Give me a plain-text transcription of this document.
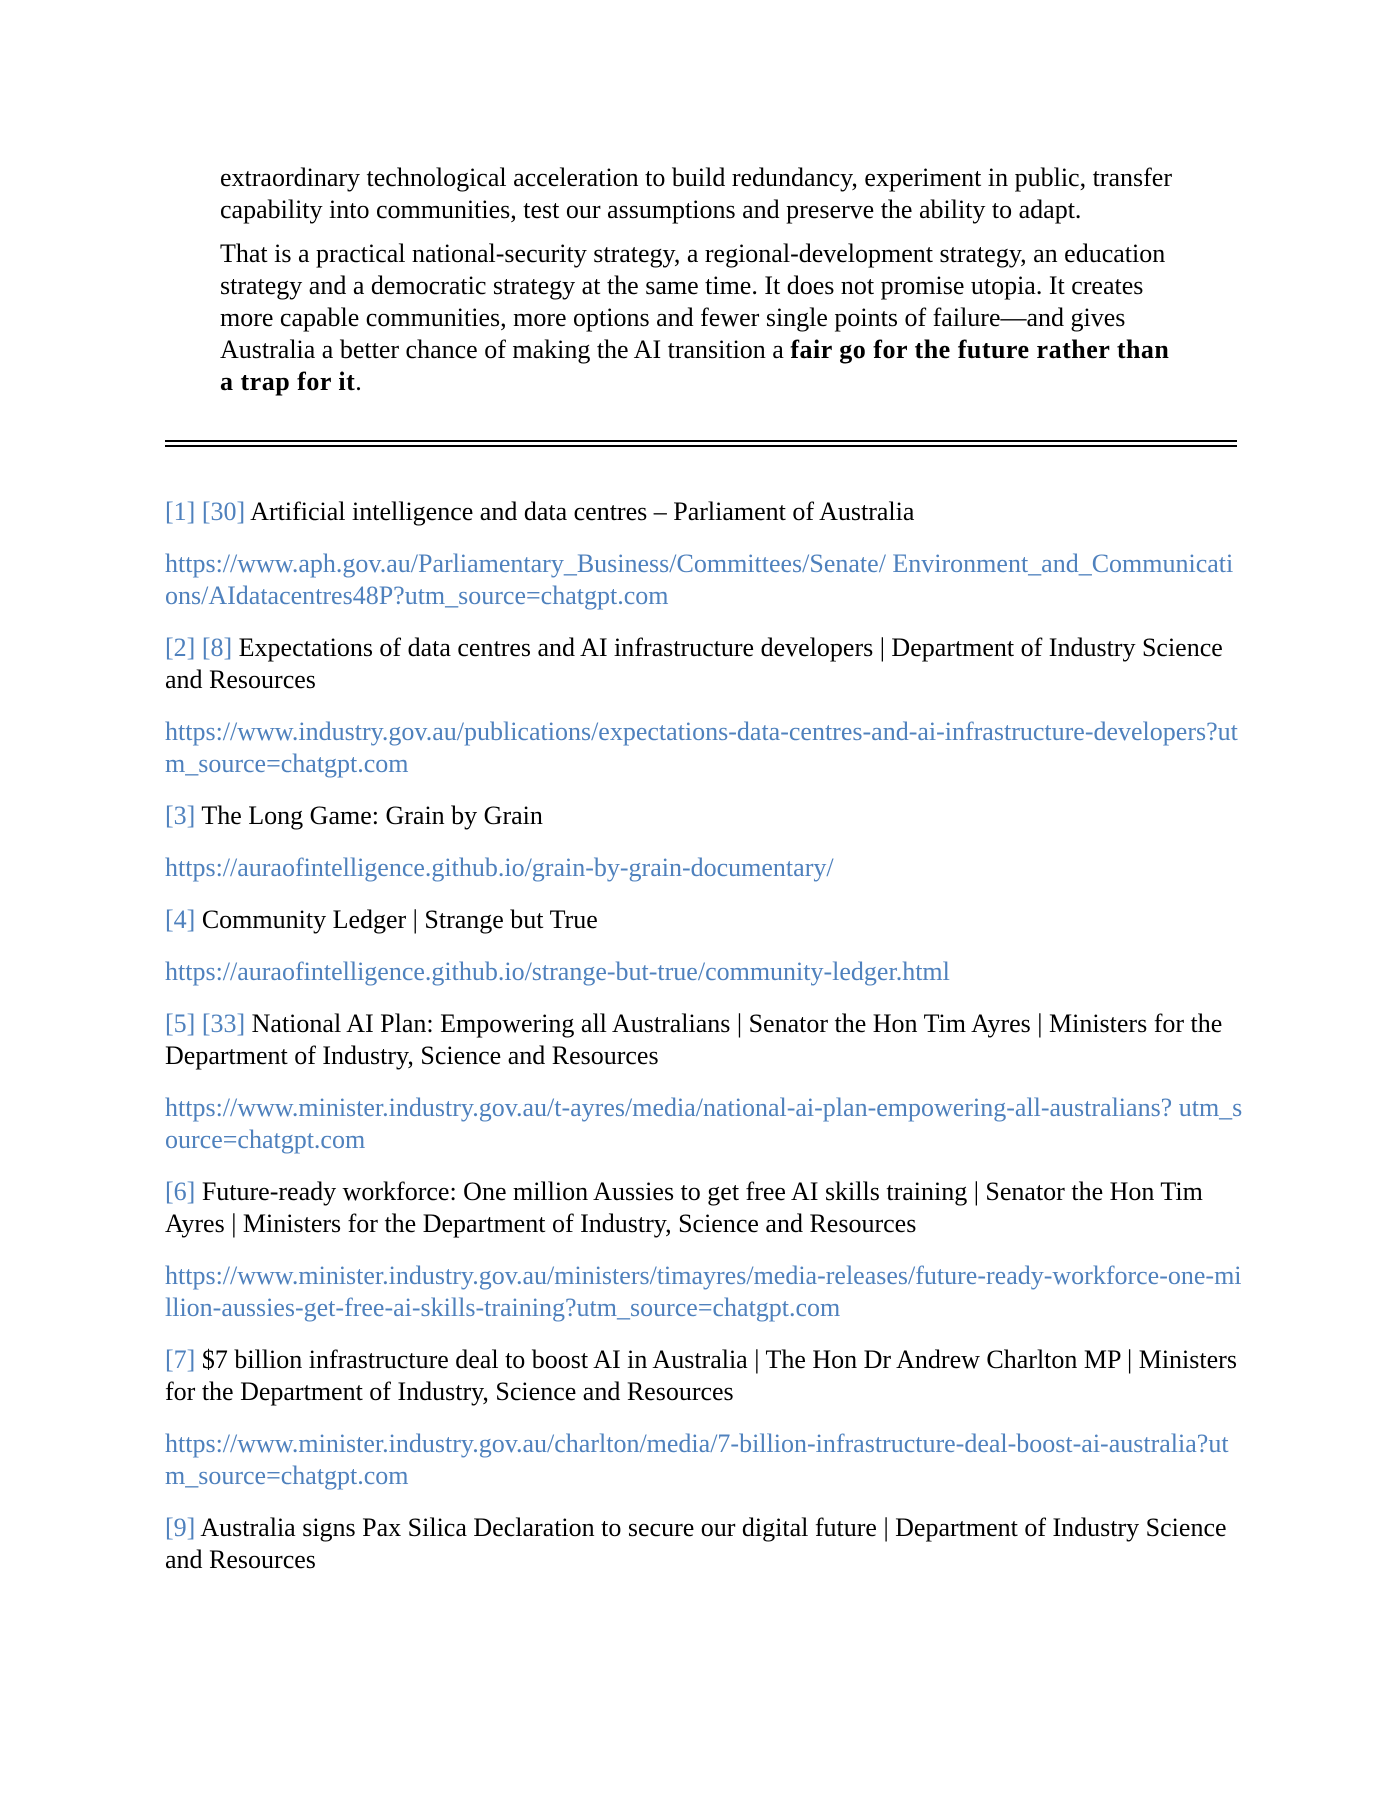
extraordinary technological acceleration to build redundancy, experiment in public, transfer capability into communities, test our assumptions and preserve the ability to adapt.

That is a practical national-security strategy, a regional-development strategy, an education strategy and a democratic strategy at the same time. It does not promise utopia. It creates more capable communities, more options and fewer single points of failure—and gives Australia a better chance of making the AI transition a fair go for the future rather than a trap for it.

[1] [30] Artificial intelligence and data centres – Parliament of Australia

https://www.aph.gov.au/Parliamentary_Business/Committees/Senate/ Environment_and_Communications/AIdatacentres48P?utm_source=chatgpt.com

[2] [8] Expectations of data centres and AI infrastructure developers | Department of Industry Science and Resources

https://www.industry.gov.au/publications/expectations-data-centres-and-ai-infrastructure-developers?utm_source=chatgpt.com

[3] The Long Game: Grain by Grain

https://auraofintelligence.github.io/grain-by-grain-documentary/

[4] Community Ledger | Strange but True

https://auraofintelligence.github.io/strange-but-true/community-ledger.html

[5] [33] National AI Plan: Empowering all Australians | Senator the Hon Tim Ayres | Ministers for the Department of Industry, Science and Resources

https://www.minister.industry.gov.au/t-ayres/media/national-ai-plan-empowering-all-australians? utm_source=chatgpt.com

[6] Future-ready workforce: One million Aussies to get free AI skills training | Senator the Hon Tim Ayres | Ministers for the Department of Industry, Science and Resources

https://www.minister.industry.gov.au/ministers/timayres/media-releases/future-ready-workforce-one-million-aussies-get-free-ai-skills-training?utm_source=chatgpt.com

[7] $7 billion infrastructure deal to boost AI in Australia | The Hon Dr Andrew Charlton MP | Ministers for the Department of Industry, Science and Resources

https://www.minister.industry.gov.au/charlton/media/7-billion-infrastructure-deal-boost-ai-australia?utm_source=chatgpt.com

[9] Australia signs Pax Silica Declaration to secure our digital future | Department of Industry Science and Resources
